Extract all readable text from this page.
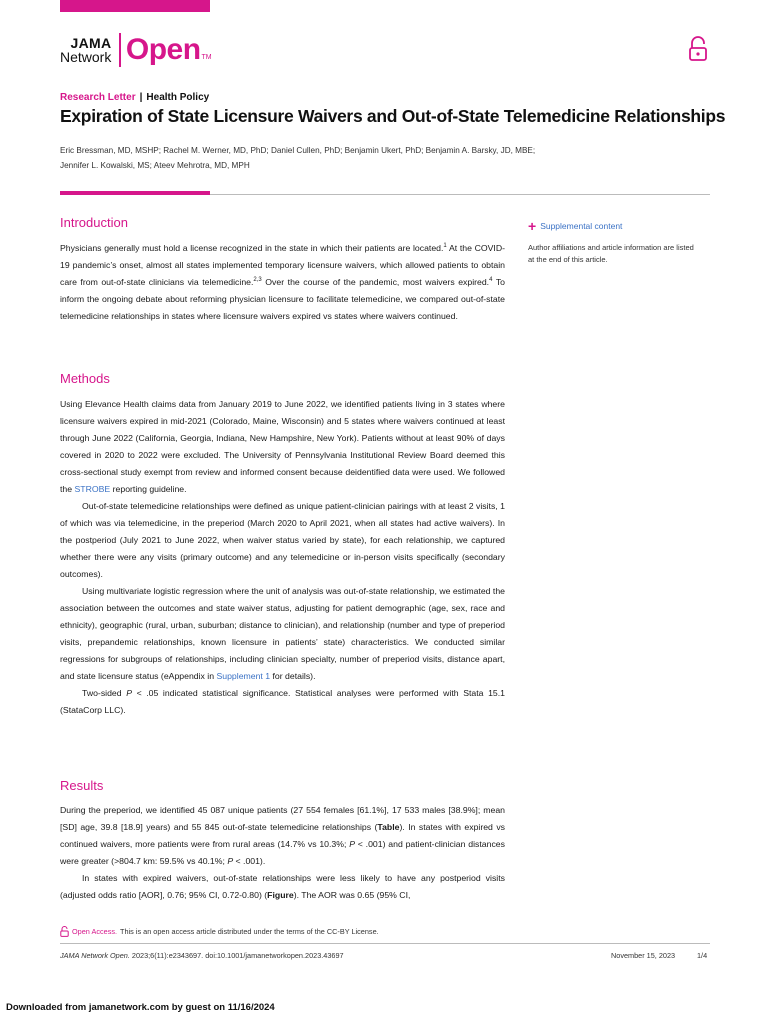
JAMA
Network Open TM
Research Letter | Health Policy
Expiration of State Licensure Waivers and Out-of-State Telemedicine Relationships
Eric Bressman, MD, MSHP; Rachel M. Werner, MD, PhD; Daniel Cullen, PhD; Benjamin Ukert, PhD; Benjamin A. Barsky, JD, MBE;
Jennifer L. Kowalski, MS; Ateev Mehrotra, MD, MPH
+ Supplemental content
Author affiliations and article information are listed at the end of this article.
Introduction

Physicians generally must hold a license recognized in the state in which their patients are located.$^1$ At the COVID-19 pandemic’s onset, almost all states implemented temporary licensure waivers, which allowed patients to obtain care from out-of-state clinicians via telemedicine.$^{2,3}$ Over the course of the pandemic, most waivers expired.$^4$ To inform the ongoing debate about reforming physician licensure to facilitate telemedicine, we compared out-of-state telemedicine relationships in states where licensure waivers expired vs states where waivers continued.

Methods

Using Elevance Health claims data from January 2019 to June 2022, we identified patients living in 3 states where licensure waivers expired in mid-2021 (Colorado, Maine, Wisconsin) and 5 states where waivers continued at least through June 2022 (California, Georgia, Indiana, New Hampshire, New York). Patients without at least 90% of days covered in 2020 to 2022 were excluded. The University of Pennsylvania Institutional Review Board deemed this cross-sectional study exempt from review and informed consent because deidentified data were used. We followed the STROBE reporting guideline.

Out-of-state telemedicine relationships were defined as unique patient-clinician pairings with at least 2 visits, 1 of which was via telemedicine, in the preperiod (March 2020 to April 2021, when all states had active waivers). In the postperiod (July 2021 to June 2022, when waiver status varied by state), for each relationship, we captured whether there were any visits (primary outcome) and any telemedicine or in-person visits specifically (secondary outcomes).

Using multivariate logistic regression where the unit of analysis was out-of-state relationship, we estimated the association between the outcomes and state waiver status, adjusting for patient demographic (age, sex, race and ethnicity), geographic (rural, urban, suburban; distance to clinician), and relationship (number and type of preperiod visits, prepandemic relationships, known licensure in patients’ state) characteristics. We conducted similar regressions for subgroups of relationships, including clinician specialty, number of preperiod visits, distance apart, and state licensure status (eAppendix in Supplement 1 for details).

Two-sided P < .05 indicated statistical significance. Statistical analyses were performed with Stata 15.1 (StataCorp LLC).

Results

During the preperiod, we identified 45 087 unique patients (27 554 females [61.1%], 17 533 males [38.9%]; mean [SD] age, 39.8 [18.9] years) and 55 845 out-of-state telemedicine relationships (Table). In states with expired vs continued waivers, more patients were from rural areas (14.7% vs 10.3%; P < .001) and patient-clinician distances were greater (>804.7 km: 59.5% vs 40.1%; P < .001).

In states with expired waivers, out-of-state relationships were less likely to have any postperiod visits (adjusted odds ratio [AOR], 0.76; 95% CI, 0.72-0.80) (Figure). The AOR was 0.65 (95% CI,

Open Access. This is an open access article distributed under the terms of the CC-BY License.
JAMA Network Open. 2023;6(11):e2343697. doi:10.1001/jamanetworkopen.2023.43697	November 15, 2023	1/4
Downloaded from jamanetwork.com by guest on 11/16/2024
